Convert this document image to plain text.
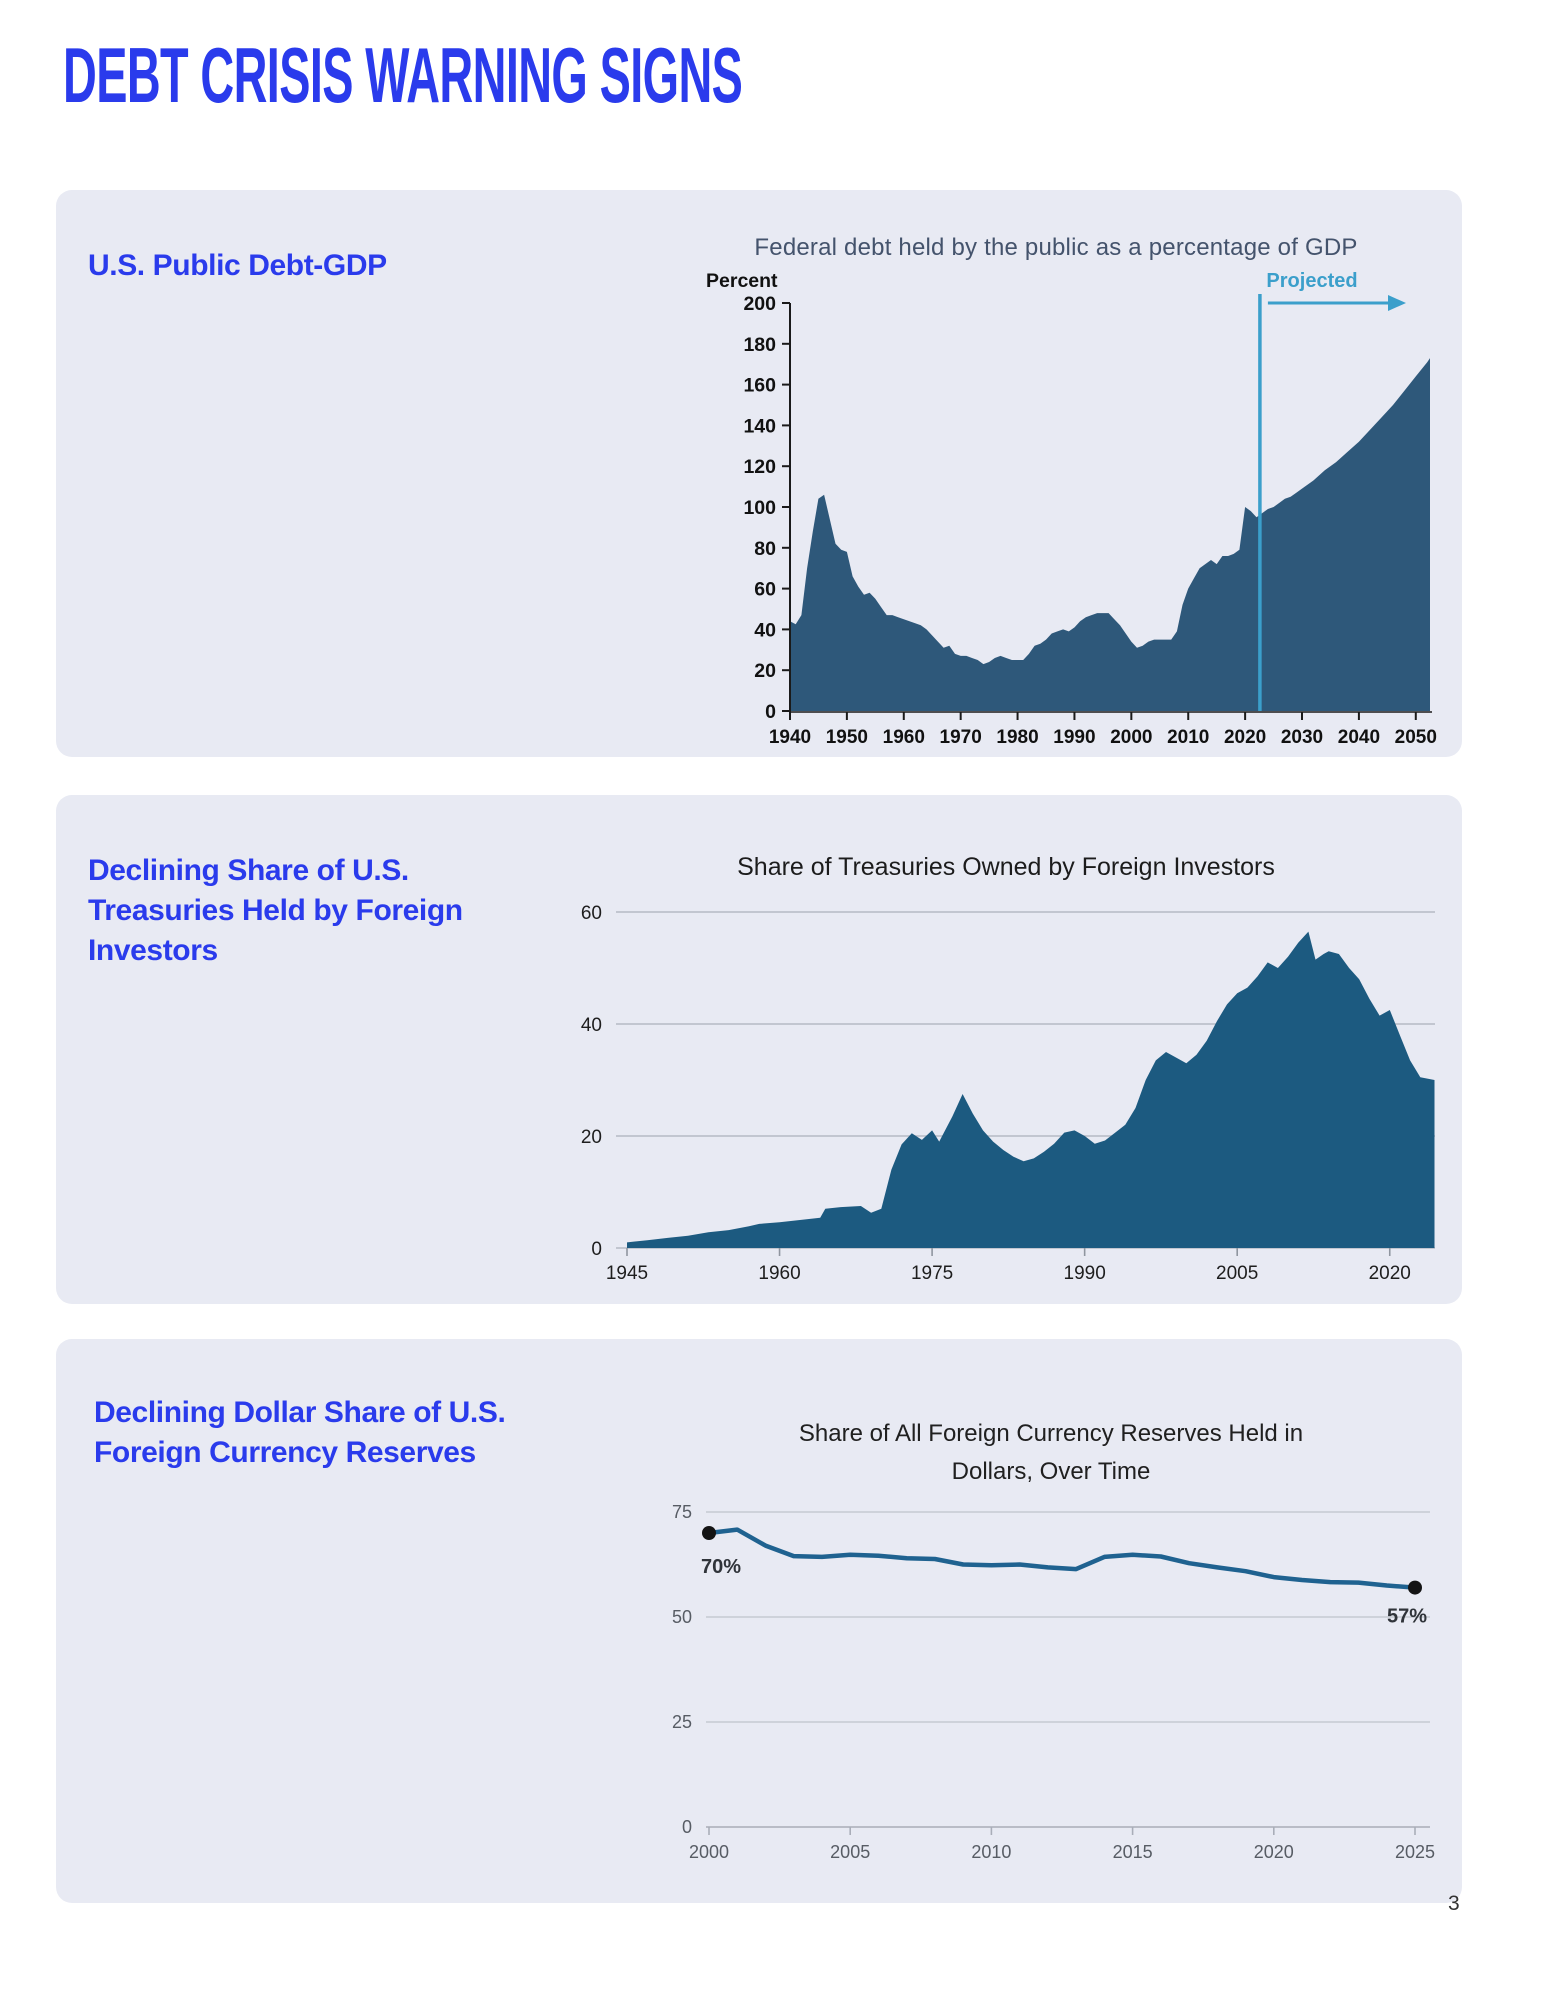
DEBT CRISIS WARNING SIGNS
U.S. Public Debt-GDP
Federal debt held by the public as a percentage of GDP
Projected
0
20
40
60
80
100
120
140
160
180
200
1940 1950 1960 1970 1980 1990 2000 2010 2020 2030 2040 2050
Percent
Declining Share of U.S.
Treasuries Held by Foreign
Investors
Share of Treasuries Owned by Foreign Investors
0
20
40
60
1945	1960	1975	1990	2005	2020
Declining Dollar Share of U.S.
Foreign Currency Reserves
Share of All Foreign Currency Reserves Held in
Dollars, Over Time
0
25
50
75
2000	2005	2010	2015	2020	2025
70%
57%
3
